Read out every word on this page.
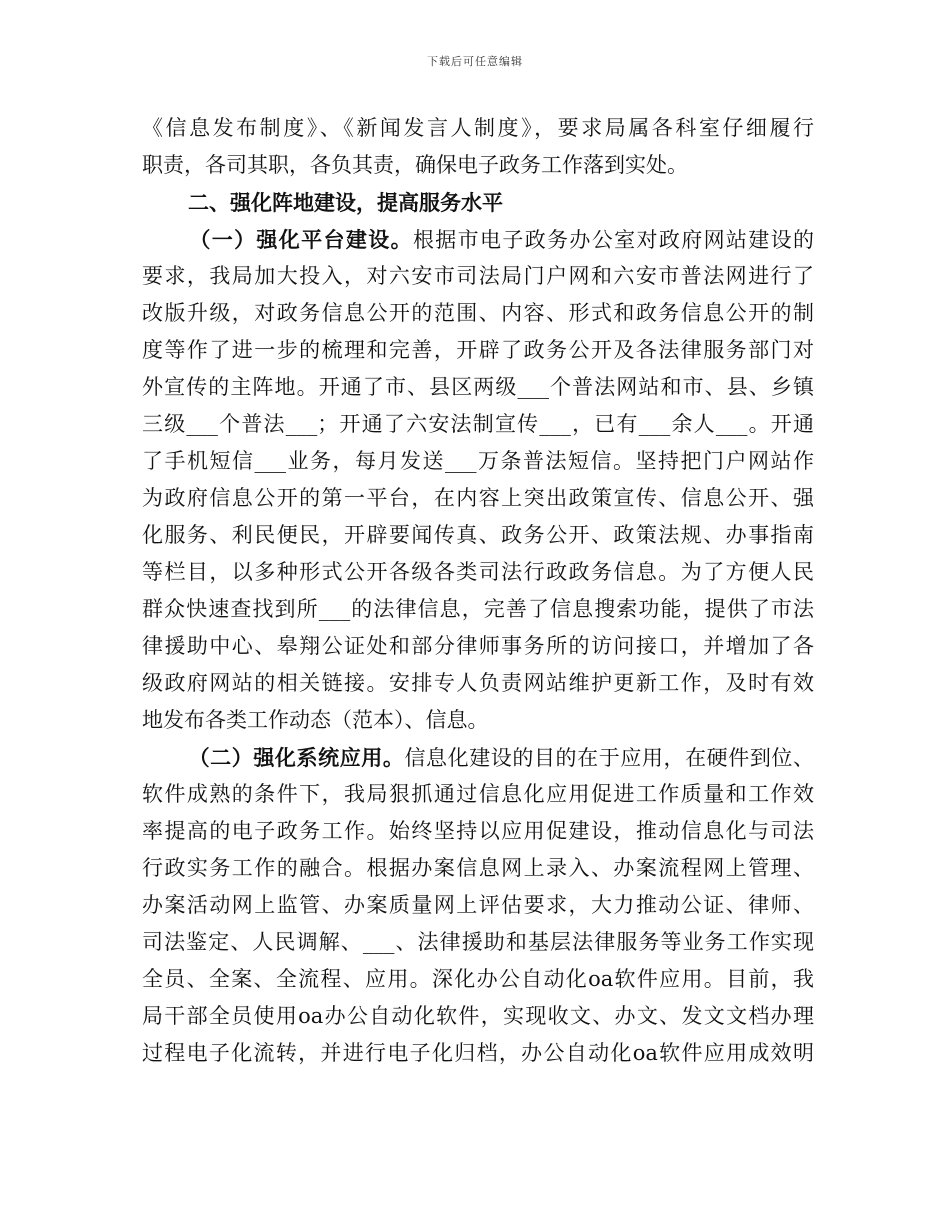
下载后可任意编辑
《信息发布制度》、《新闻发言人制度》，要求局属各科室仔细履行
职责，各司其职，各负其责，确保电子政务工作落到实处。
二、强化阵地建设，提高服务水平
（一）强化平台建设。根据市电子政务办公室对政府网站建设的
要求，我局加大投入，对六安市司法局门户网和六安市普法网进行了
改版升级，对政务信息公开的范围、内容、形式和政务信息公开的制
度等作了进一步的梳理和完善，开辟了政务公开及各法律服务部门对
外宣传的主阵地。开通了市、县区两级___个普法网站和市、县、乡镇
三级___个普法___；开通了六安法制宣传___，已有___余人___。开通
了手机短信___业务，每月发送___万条普法短信。坚持把门户网站作
为政府信息公开的第一平台，在内容上突出政策宣传、信息公开、强
化服务、利民便民，开辟要闻传真、政务公开、政策法规、办事指南
等栏目，以多种形式公开各级各类司法行政政务信息。为了方便人民
群众快速查找到所___的法律信息，完善了信息搜索功能，提供了市法
律援助中心、皋翔公证处和部分律师事务所的访问接口，并增加了各
级政府网站的相关链接。安排专人负责网站维护更新工作，及时有效
地发布各类工作动态（范本）、信息。
（二）强化系统应用。信息化建设的目的在于应用，在硬件到位、
软件成熟的条件下，我局狠抓通过信息化应用促进工作质量和工作效
率提高的电子政务工作。始终坚持以应用促建设，推动信息化与司法
行政实务工作的融合。根据办案信息网上录入、办案流程网上管理、
办案活动网上监管、办案质量网上评估要求，大力推动公证、律师、
司法鉴定、人民调解、___、法律援助和基层法律服务等业务工作实现
全员、全案、全流程、应用。深化办公自动化oa软件应用。目前，我
局干部全员使用oa办公自动化软件，实现收文、办文、发文文档办理
过程电子化流转，并进行电子化归档，办公自动化oa软件应用成效明
